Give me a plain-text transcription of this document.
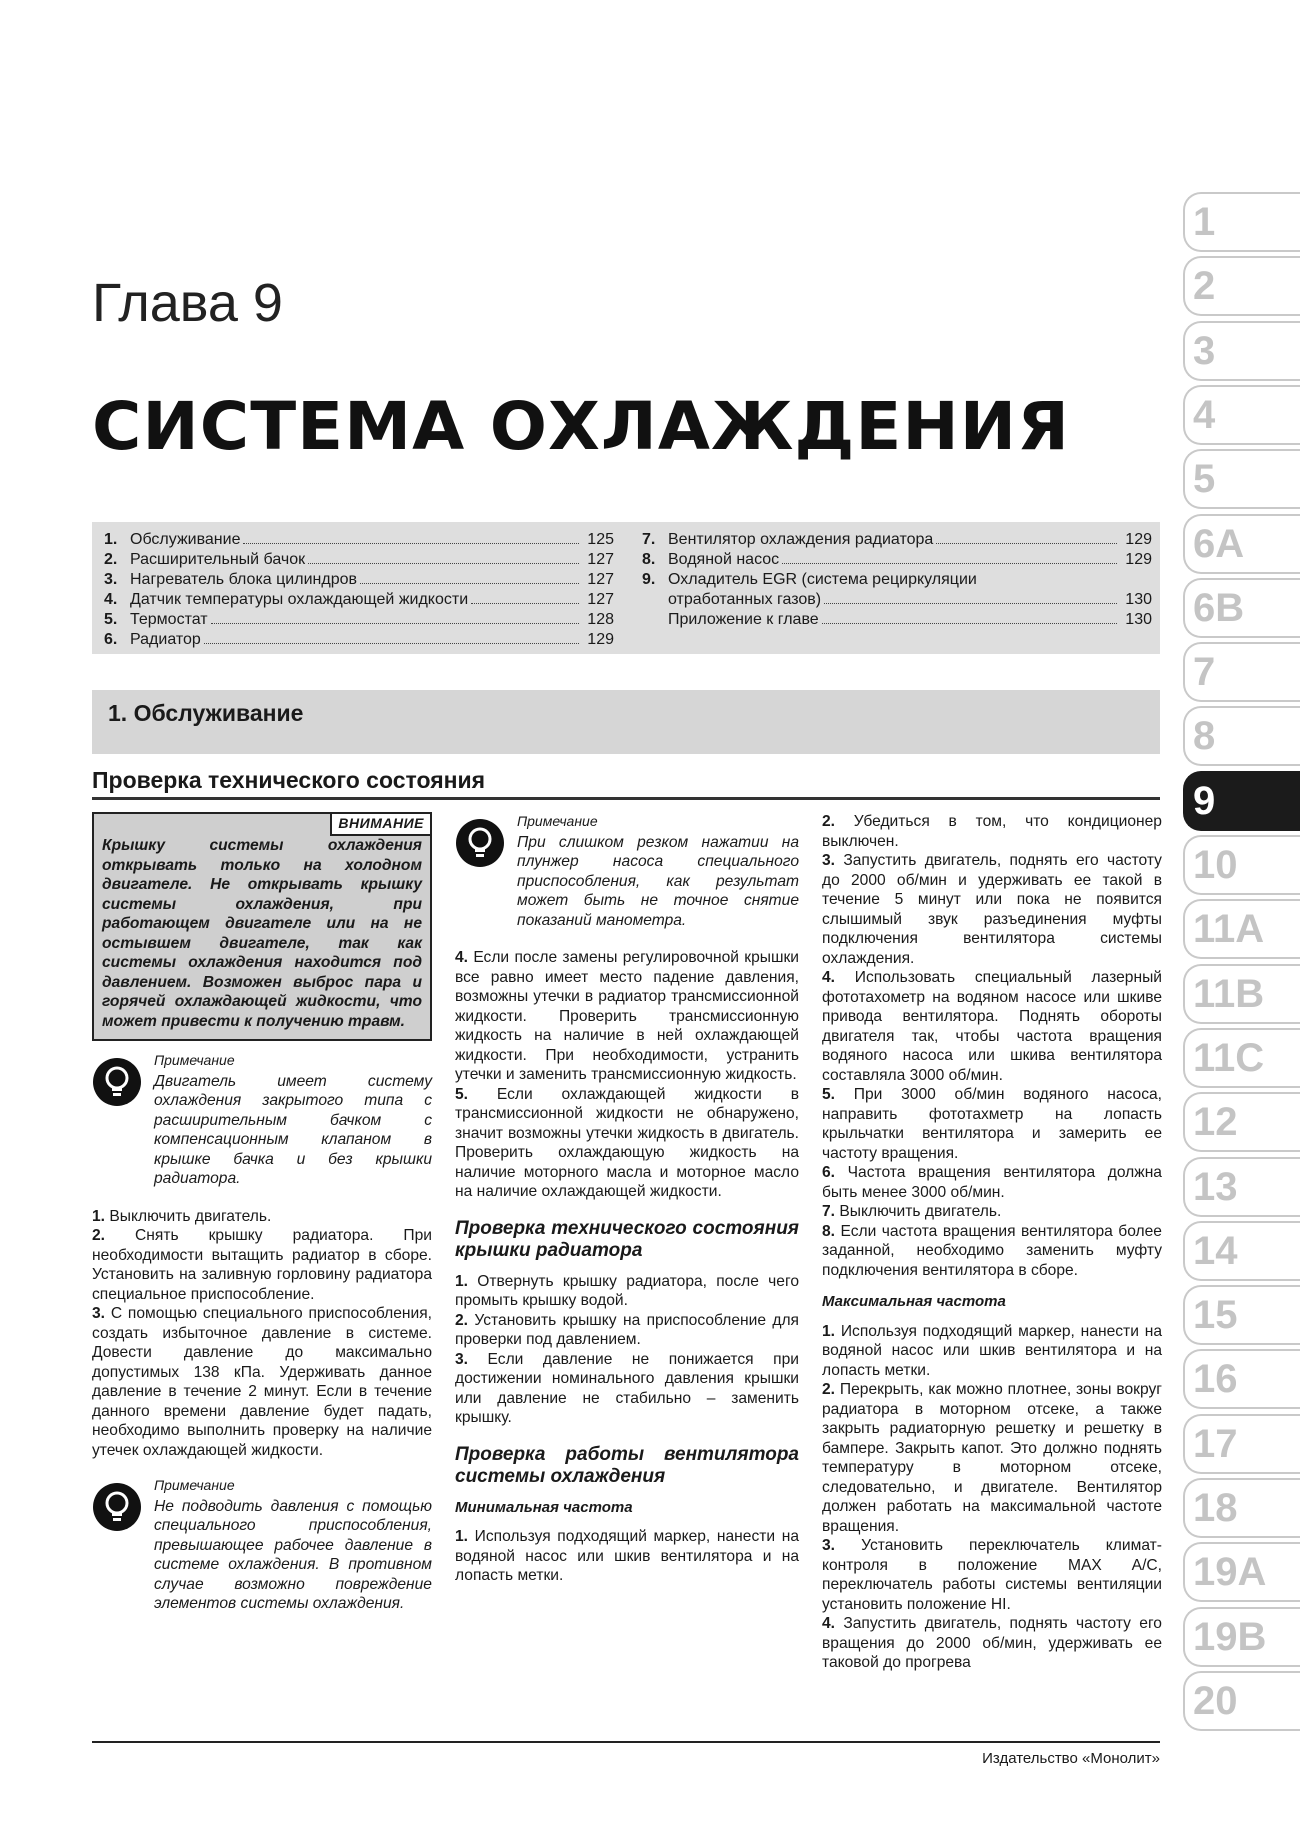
Глава 9
СИСТЕМА ОХЛАЖДЕНИЯ
1. Обслуживание	125
2. Расширительный бачок	127
3. Нагреватель блока цилиндров	127
4. Датчик температуры охлаждающей жидкости	127
5. Термостат	128
6. Радиатор	129
7. Вентилятор охлаждения радиатора	129
8. Водяной насос	129
9. Охладитель EGR (система рециркуляции
отработанных газов)	130
Приложение к главе	130
1. Обслуживание
Проверка технического состояния
ВНИМАНИЕ
Крышку системы охлаждения открывать только на холодном двигателе. Не открывать крышку системы охлаждения, при работающем двигателе или на не остывшем двигателе, так как системы охлаждения находится под давлением. Возможен выброс пара и горячей охлаждающей жидкости, что может привести к получению травм.
Примечание
Двигатель имеет систему охлаждения закрытого типа с расширительным бачком с компенсационным клапаном в крышке бачка и без крышки радиатора.

1. Выключить двигатель.

2. Снять крышку радиатора. При необходимости вытащить радиатор в сборе. Установить на заливную горловину радиатора специальное приспособление.

3. С помощью специального приспособления, создать избыточное давление в системе. Довести давление до максимально допустимых 138 кПа. Удерживать данное давление в течение 2 минут. Если в течение данного времени давление будет падать, необходимо выполнить проверку на наличие утечек охлаждающей жидкости.

Примечание
Не подводить давления с помощью специального приспособления, превышающее рабочее давление в системе охлаждения. В противном случае возможно повреждение элементов системы охлаждения.
Примечание
При слишком резком нажатии на плунжер насоса специального приспособления, как результат может быть не точное снятие показаний манометра.

4. Если после замены регулировочной крышки все равно имеет место падение давления, возможны утечки в радиатор трансмиссионной жидкости. Проверить трансмиссионную жидкость на наличие в ней охлаждающей жидкости. При необходимости, устранить утечки и заменить трансмиссионную жидкость.

5. Если охлаждающей жидкости в трансмиссионной жидкости не обнаружено, значит возможны утечки жидкость в двигатель. Проверить охлаждающую жидкость на наличие моторного масла и моторное масло на наличие охлаждающей жидкости.

Проверка технического состояния крышки радиатора

1. Отвернуть крышку радиатора, после чего промыть крышку водой.

2. Установить крышку на приспособление для проверки под давлением.

3. Если давление не понижается при достижении номинального давления крышки или давление не стабильно – заменить крышку.

Проверка работы вентилятора системы охлаждения
Минимальная частота

1. Используя подходящий маркер, нанести на водяной насос или шкив вентилятора и на лопасть метки.

2. Убедиться в том, что кондиционер выключен.

3. Запустить двигатель, поднять его частоту до 2000 об/мин и удерживать ее такой в течение 5 минут или пока не появится слышимый звук разъединения муфты подключения вентилятора системы охлаждения.

4. Использовать специальный лазерный фототахометр на водяном насосе или шкиве привода вентилятора. Поднять обороты двигателя так, чтобы частота вращения водяного насоса или шкива вентилятора составляла 3000 об/мин.

5. При 3000 об/мин водяного насоса, направить фототахметр на лопасть крыльчатки вентилятора и замерить ее частоту вращения.

6. Частота вращения вентилятора должна быть менее 3000 об/мин.

7. Выключить двигатель.

8. Если частота вращения вентилятора более заданной, необходимо заменить муфту подключения вентилятора в сборе.

Максимальная частота

1. Используя подходящий маркер, нанести на водяной насос или шкив вентилятора и на лопасть метки.

2. Перекрыть, как можно плотнее, зоны вокруг радиатора в моторном отсеке, а также закрыть радиаторную решетку и решетку в бампере. Закрыть капот. Это должно поднять температуру в моторном отсеке, следовательно, и двигателе. Вентилятор должен работать на максимальной частоте вращения.

3. Установить переключатель климат-контроля в положение MAX A/C, переключатель работы системы вентиляции установить положение HI.

4. Запустить двигатель, поднять частоту его вращения до 2000 об/мин, удерживать ее таковой до прогрева

Издательство «Монолит»
1
2
3
4
5
6A
6B
7
8
9
10
11A
11B
11C
12
13
14
15
16
17
18
19A
19B
20
